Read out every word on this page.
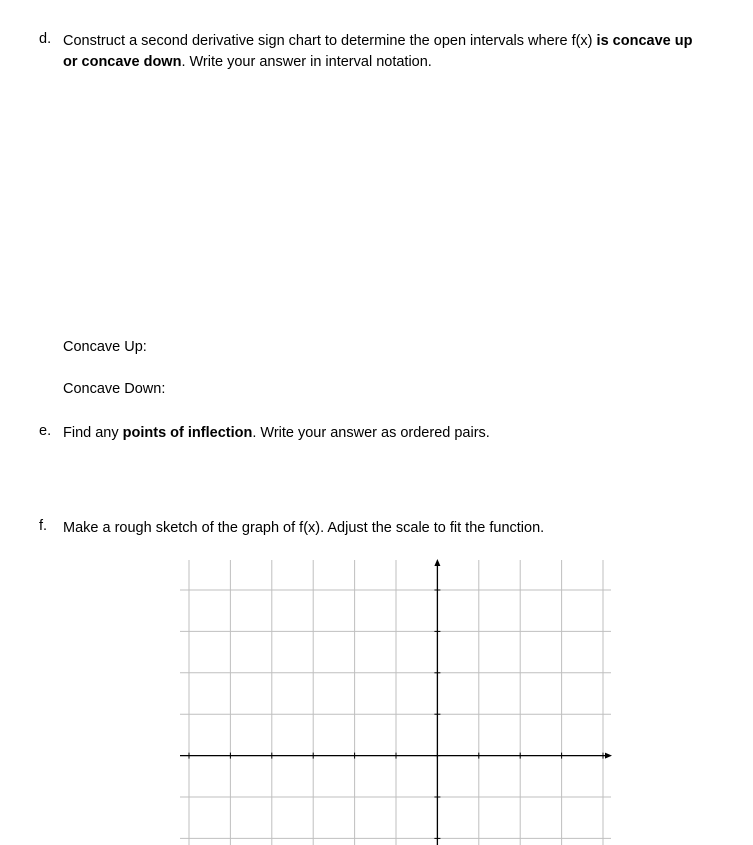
d. Construct a second derivative sign chart to determine the open intervals where f(x) is concave up
or concave down. Write your answer in interval notation.
Concave Up:
Concave Down:
e. Find any points of inflection. Write your answer as ordered pairs.
f. Make a rough sketch of the graph of f(x). Adjust the scale to fit the function.
